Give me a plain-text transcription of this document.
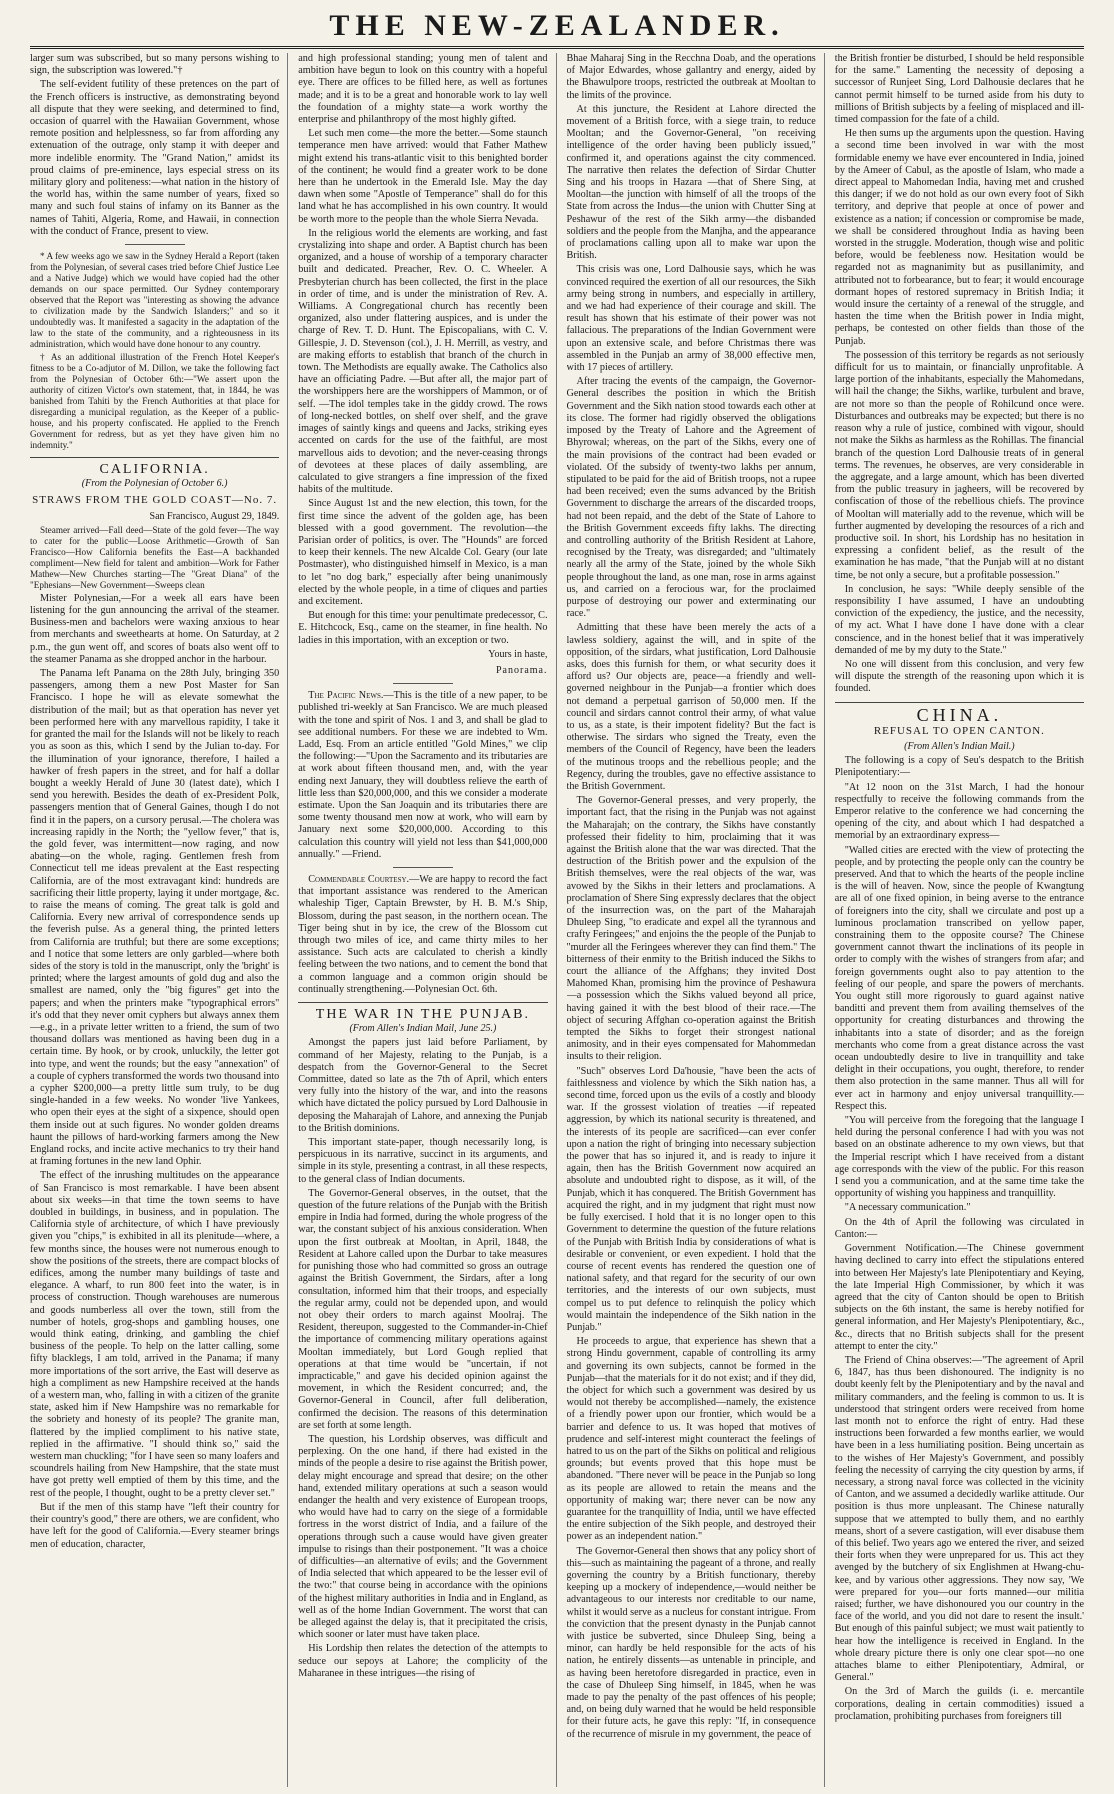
THE NEW-ZEALANDER.

larger sum was subscribed, but so many persons wishing to sign, the subscription was lowered."†

The self-evident futility of these pretences on the part of the French officers is instructive, as demonstrating beyond all dispute that they were seeking, and determined to find, occasion of quarrel with the Hawaiian Government, whose remote position and helplessness, so far from affording any extenuation of the outrage, only stamp it with deeper and more indelible enormity. The "Grand Nation," amidst its proud claims of pre-eminence, lays especial stress on its military glory and politeness:—what nation in the history of the world has, within the same number of years, fixed so many and such foul stains of infamy on its Banner as the names of Tahiti, Algeria, Rome, and Hawaii, in connection with the conduct of France, present to view.

* A few weeks ago we saw in the Sydney Herald a Report (taken from the Polynesian, of several cases tried before Chief Justice Lee and a Native Judge) which we would have copied had the other demands on our space permitted. Our Sydney contemporary observed that the Report was "interesting as showing the advance to civilization made by the Sandwich Islanders;" and so it undoubtedly was. It manifested a sagacity in the adaptation of the law to the state of the community, and a righteousness in its administration, which would have done honour to any country.

† As an additional illustration of the French Hotel Keeper's fitness to be a Co-adjutor of M. Dillon, we take the following fact from the Polynesian of October 6th:—"We assert upon the authority of citizen Victor's own statement, that, in 1844, he was banished from Tahiti by the French Authorities at that place for disregarding a municipal regulation, as the Keeper of a public-house, and his property confiscated. He applied to the French Government for redress, but as yet they have given him no indemnity."

CALIFORNIA.
(From the Polynesian of October 6.)
STRAWS FROM THE GOLD COAST—No. 7.
San Francisco, August 29, 1849.

Steamer arrived—Fall deed—State of the gold fever—The way to cater for the public—Loose Arithmetic—Growth of San Francisco—How California benefits the East—A backhanded compliment—New field for talent and ambition—Work for Father Mathew—New Churches starting—The "Great Diana" of the "Ephesians—New Government—Sweeps clean

Mister Polynesian,—For a week all ears have been listening for the gun announcing the arrival of the steamer. Business-men and bachelors were waxing anxious to hear from merchants and sweethearts at home. On Saturday, at 2 p.m., the gun went off, and scores of boats also went off to the steamer Panama as she dropped anchor in the harbour.

The Panama left Panama on the 28th July, bringing 350 passengers, among them a new Post Master for San Francisco. I hope he will as elevate somewhat the distribution of the mail; but as that operation has never yet been performed here with any marvellous rapidity, I take it for granted the mail for the Islands will not be likely to reach you as soon as this, which I send by the Julian to-day. For the illumination of your ignorance, therefore, I hailed a hawker of fresh papers in the street, and for half a dollar bought a weekly Herald of June 30 (latest date), which I send you herewith. Besides the death of ex-President Polk, passengers mention that of General Gaines, though I do not find it in the papers, on a cursory perusal.—The cholera was increasing rapidly in the North; the "yellow fever," that is, the gold fever, was intermittent—now raging, and now abating—on the whole, raging. Gentlemen fresh from Connecticut tell me ideas prevalent at the East respecting California, are of the most extravagant kind: hundreds are sacrificing their little property, laying it under mortgage, &c. to raise the means of coming. The great talk is gold and California. Every new arrival of correspondence sends up the feverish pulse. As a general thing, the printed letters from California are truthful; but there are some exceptions; and I notice that some letters are only garbled—where both sides of the story is told in the manuscript, only the 'bright' is printed; where the largest amounts of gold dug and also the smallest are named, only the "big figures" get into the papers; and when the printers make "typographical errors" it's odd that they never omit cyphers but always annex them—e.g., in a private letter written to a friend, the sum of two thousand dollars was mentioned as having been dug in a certain time. By hook, or by crook, unluckily, the letter got into type, and went the rounds; but the easy "annexation" of a couple of cyphers transformed the words two thousand into a cypher $200,000—a pretty little sum truly, to be dug single-handed in a few weeks. No wonder 'live Yankees, who open their eyes at the sight of a sixpence, should open them inside out at such figures. No wonder golden dreams haunt the pillows of hard-working farmers among the New England rocks, and incite active mechanics to try their hand at framing fortunes in the new land Ophir.

The effect of the inrushing multitudes on the appearance of San Francisco is most remarkable. I have been absent about six weeks—in that time the town seems to have doubled in buildings, in business, and in population. The California style of architecture, of which I have previously given you "chips," is exhibited in all its plenitude—where, a few months since, the houses were not numerous enough to show the positions of the streets, there are compact blocks of edifices, among the number many buildings of taste and elegance. A wharf, to run 800 feet into the water, is in process of construction. Though warehouses are numerous and goods numberless all over the town, still from the number of hotels, grog-shops and gambling houses, one would think eating, drinking, and gambling the chief business of the people. To help on the latter calling, some fifty blacklegs, I am told, arrived in the Panama; if many more importations of the sort arrive, the East will deserve as high a compliment as new Hampshire received at the hands of a western man, who, falling in with a citizen of the granite state, asked him if New Hampshire was no remarkable for the sobriety and honesty of its people? The granite man, flattered by the implied compliment to his native state, replied in the affirmative. "I should think so," said the western man chuckling; "for I have seen so many loafers and scoundrels hailing from New Hampshire, that the state must have got pretty well emptied of them by this time, and the rest of the people, I thought, ought to be a pretty clever set."

But if the men of this stamp have "left their country for their country's good," there are others, we are confident, who have left for the good of California.—Every steamer brings men of education, character,

and high professional standing; young men of talent and ambition have begun to look on this country with a hopeful eye. There are offices to be filled here, as well as fortunes made; and it is to be a great and honorable work to lay well the foundation of a mighty state—a work worthy the enterprise and philanthropy of the most highly gifted.

Let such men come—the more the better.—Some staunch temperance men have arrived: would that Father Mathew might extend his trans-atlantic visit to this benighted border of the continent; he would find a greater work to be done here than he undertook in the Emerald Isle. May the day dawn when some "Apostle of Temperance" shall do for this land what he has accomplished in his own country. It would be worth more to the people than the whole Sierra Nevada.

In the religious world the elements are working, and fast crystalizing into shape and order. A Baptist church has been organized, and a house of worship of a temporary character built and dedicated. Preacher, Rev. O. C. Wheeler. A Presbyterian church has been collected, the first in the place in order of time, and is under the ministration of Rev. A. Williams. A Congregational church has recently been organized, also under flattering auspices, and is under the charge of Rev. T. D. Hunt. The Episcopalians, with C. V. Gillespie, J. D. Stevenson (col.), J. H. Merrill, as vestry, and are making efforts to establish that branch of the church in town. The Methodists are equally awake. The Catholics also have an officiating Padre. —But after all, the major part of the worshippers here are the worshippers of Mammon, or of self. —The idol temples take in the giddy crowd. The rows of long-necked bottles, on shelf over shelf, and the grave images of saintly kings and queens and Jacks, striking eyes accented on cards for the use of the faithful, are most marvellous aids to devotion; and the never-ceasing throngs of devotees at these places of daily assembling, are calculated to give strangers a fine impression of the fixed habits of the multitude.

Since August 1st and the new election, this town, for the first time since the advent of the golden age, has been blessed with a good government. The revolution—the Parisian order of politics, is over. The "Hounds" are forced to keep their kennels. The new Alcalde Col. Geary (our late Postmaster), who distinguished himself in Mexico, is a man to let "no dog bark," especially after being unanimously elected by the whole people, in a time of cliques and parties and excitement.

But enough for this time: your penultimate predecessor, C. E. Hitchcock, Esq., came on the steamer, in fine health. No ladies in this importation, with an exception or two.

Yours in haste,
Panorama.

The Pacific News.—This is the title of a new paper, to be published tri-weekly at San Francisco. We are much pleased with the tone and spirit of Nos. 1 and 3, and shall be glad to see additional numbers. For these we are indebted to Wm. Ladd, Esq. From an article entitled "Gold Mines," we clip the following:—"Upon the Sacramento and its tributaries are at work about fifteen thousand men, and, with the year ending next January, they will doubtless relieve the earth of little less than $20,000,000, and this we consider a moderate estimate. Upon the San Joaquin and its tributaries there are some twenty thousand men now at work, who will earn by January next some $20,000,000. According to this calculation this country will yield not less than $41,000,000 annually." —Friend.

Commendable Courtesy.—We are happy to record the fact that important assistance was rendered to the American whaleship Tiger, Captain Brewster, by H. B. M.'s Ship, Blossom, during the past season, in the northern ocean. The Tiger being shut in by ice, the crew of the Blossom cut through two miles of ice, and came thirty miles to her assistance. Such acts are calculated to cherish a kindly feeling between the two nations, and to cement the bond that a common language and a common origin should be continually strengthening.—Polynesian Oct. 6th.

THE WAR IN THE PUNJAB.
(From Allen's Indian Mail, June 25.)

Amongst the papers just laid before Parliament, by command of her Majesty, relating to the Punjab, is a despatch from the Governor-General to the Secret Committee, dated so late as the 7th of April, which enters very fully into the history of the war, and into the reasons which have dictated the policy pursued by Lord Dalhousie in deposing the Maharajah of Lahore, and annexing the Punjab to the British dominions.

This important state-paper, though necessarily long, is perspicuous in its narrative, succinct in its arguments, and simple in its style, presenting a contrast, in all these respects, to the general class of Indian documents.

The Governor-General observes, in the outset, that the question of the future relations of the Punjab with the British empire in India had formed, during the whole progress of the war, the constant subject of his anxious consideration. When upon the first outbreak at Mooltan, in April, 1848, the Resident at Lahore called upon the Durbar to take measures for punishing those who had committed so gross an outrage against the British Government, the Sirdars, after a long consultation, informed him that their troops, and especially the regular army, could not be depended upon, and would not obey their orders to march against Moolraj. The Resident, thereupon, suggested to the Commander-in-Chief the importance of commencing military operations against Mooltan immediately, but Lord Gough replied that operations at that time would be "uncertain, if not impracticable," and gave his decided opinion against the movement, in which the Resident concurred; and, the Governor-General in Council, after full deliberation, confirmed the decision. The reasons of this determination are set forth at some length.

The question, his Lordship observes, was difficult and perplexing. On the one hand, if there had existed in the minds of the people a desire to rise against the British power, delay might encourage and spread that desire; on the other hand, extended military operations at such a season would endanger the health and very existence of European troops, who would have had to carry on the siege of a formidable fortress in the worst district of India, and a failure of the operations through such a cause would have given greater impulse to risings than their postponement. "It was a choice of difficulties—an alternative of evils; and the Government of India selected that which appeared to be the lesser evil of the two:" that course being in accordance with the opinions of the highest military authorities in India and in England, as well as of the home Indian Government. The worst that can be alleged against the delay is, that it precipitated the crisis, which sooner or later must have taken place.

His Lordship then relates the detection of the attempts to seduce our sepoys at Lahore; the complicity of the Maharanee in these intrigues—the rising of

Bhae Maharaj Sing in the Recchna Doab, and the operations of Major Edwardes, whose gallantry and energy, aided by the Bhawulpore troops, restricted the outbreak at Mooltan to the limits of the province.

At this juncture, the Resident at Lahore directed the movement of a British force, with a siege train, to reduce Mooltan; and the Governor-General, "on receiving intelligence of the order having been publicly issued," confirmed it, and operations against the city commenced. The narrative then relates the defection of Sirdar Chutter Sing and his troops in Hazara —that of Shere Sing, at Mooltan—the junction with himself of all the troops of the State from across the Indus—the union with Chutter Sing at Peshawur of the rest of the Sikh army—the disbanded soldiers and the people from the Manjha, and the appearance of proclamations calling upon all to make war upon the British.

This crisis was one, Lord Dalhousie says, which he was convinced required the exertion of all our resources, the Sikh army being strong in numbers, and especially in artillery, and we had had experience of their courage and skill. The result has shown that his estimate of their power was not fallacious. The preparations of the Indian Government were upon an extensive scale, and before Christmas there was assembled in the Punjab an army of 38,000 effective men, with 17 pieces of artillery.

After tracing the events of the campaign, the Governor-General describes the position in which the British Government and the Sikh nation stood towards each other at its close. The former had rigidly observed the obligations imposed by the Treaty of Lahore and the Agreement of Bhyrowal; whereas, on the part of the Sikhs, every one of the main provisions of the contract had been evaded or violated. Of the subsidy of twenty-two lakhs per annum, stipulated to be paid for the aid of British troops, not a rupee had been received; even the sums advanced by the British Government to discharge the arrears of the discarded troops, had not been repaid, and the debt of the State of Lahore to the British Government exceeds fifty lakhs. The directing and controlling authority of the British Resident at Lahore, recognised by the Treaty, was disregarded; and "ultimately nearly all the army of the State, joined by the whole Sikh people throughout the land, as one man, rose in arms against us, and carried on a ferocious war, for the proclaimed purpose of destroying our power and exterminating our race."

Admitting that these have been merely the acts of a lawless soldiery, against the will, and in spite of the opposition, of the sirdars, what justification, Lord Dalhousie asks, does this furnish for them, or what security does it afford us? Our objects are, peace—a friendly and well-governed neighbour in the Punjab—a frontier which does not demand a perpetual garrison of 50,000 men. If the council and sirdars cannot control their army, of what value to us, as a state, is their impotent fidelity? But the fact is otherwise. The sirdars who signed the Treaty, even the members of the Council of Regency, have been the leaders of the mutinous troops and the rebellious people; and the Regency, during the troubles, gave no effective assistance to the British Government.

The Governor-General presses, and very properly, the important fact, that the rising in the Punjab was not against the Maharajah; on the contrary, the Sikhs have constantly professed their fidelity to him, proclaiming that it was against the British alone that the war was directed. That the destruction of the British power and the expulsion of the British themselves, were the real objects of the war, was avowed by the Sikhs in their letters and proclamations. A proclamation of Shere Sing expressly declares that the object of the insurrection was, on the part of the Maharajah Dhuleep Sing, "to eradicate and expel all the tyrannous and crafty Feringees;" and enjoins the the people of the Punjab to "murder all the Feringees wherever they can find them." The bitterness of their enmity to the British induced the Sikhs to court the alliance of the Affghans; they invited Dost Mahomed Khan, promising him the province of Peshawura—a possession which the Sikhs valued beyond all price, having gained it with the best blood of their race.—The object of securing Affghan co-operation against the British tempted the Sikhs to forget their strongest national animosity, and in their eyes compensated for Mahommedan insults to their religion.

"Such" observes Lord Da'housie, "have been the acts of faithlessness and violence by which the Sikh nation has, a second time, forced upon us the evils of a costly and bloody war. If the grossest violation of treaties —if repeated aggression, by which its national security is threatened, and the interests of its people are sacrificed—can ever confer upon a nation the right of bringing into necessary subjection the power that has so injured it, and is ready to injure it again, then has the British Government now acquired an absolute and undoubted right to dispose, as it will, of the Punjab, which it has conquered. The British Government has acquired the right, and in my judgment that right must now be fully exercised. I hold that it is no longer open to this Government to determine the question of the future relations of the Punjab with British India by considerations of what is desirable or convenient, or even expedient. I hold that the course of recent events has rendered the question one of national safety, and that regard for the security of our own territories, and the interests of our own subjects, must compel us to put defence to relinquish the policy which would maintain the independence of the Sikh nation in the Punjab."

He proceeds to argue, that experience has shewn that a strong Hindu government, capable of controlling its army and governing its own subjects, cannot be formed in the Punjab—that the materials for it do not exist; and if they did, the object for which such a government was desired by us would not thereby be accomplished—namely, the existence of a friendly power upon our frontier, which would be a barrier and defence to us. It was hoped that motives of prudence and self-interest might counteract the feelings of hatred to us on the part of the Sikhs on political and religious grounds; but events proved that this hope must be abandoned. "There never will be peace in the Punjab so long as its people are allowed to retain the means and the opportunity of making war; there never can be now any guarantee for the tranquillity of India, until we have effected the entire subjection of the Sikh people, and destroyed their power as an independent nation."

The Governor-General then shows that any policy short of this—such as maintaining the pageant of a throne, and really governing the country by a British functionary, thereby keeping up a mockery of independence,—would neither be advantageous to our interests nor creditable to our name, whilst it would serve as a nucleus for constant intrigue. From the conviction that the present dynasty in the Punjab cannot with justice be subverted, since Dhuleep Sing, being a minor, can hardly be held responsible for the acts of his nation, he entirely dissents—as untenable in principle, and as having been heretofore disregarded in practice, even in the case of Dhuleep Sing himself, in 1845, when he was made to pay the penalty of the past offences of his people; and, on being duly warned that he would be held responsible for their future acts, he gave this reply: "If, in consequence of the recurrence of misrule in my government, the peace of

the British frontier be disturbed, I should be held responsible for the same." Lamenting the necessity of deposing a successor of Runjeet Sing, Lord Dalhousie declares that he cannot permit himself to be turned aside from his duty to millions of British subjects by a feeling of misplaced and ill-timed compassion for the fate of a child.

He then sums up the arguments upon the question. Having a second time been involved in war with the most formidable enemy we have ever encountered in India, joined by the Ameer of Cabul, as the apostle of Islam, who made a direct appeal to Mahomedan India, having met and crushed this danger; if we do not hold as our own every foot of Sikh territory, and deprive that people at once of power and existence as a nation; if concession or compromise be made, we shall be considered throughout India as having been worsted in the struggle. Moderation, though wise and politic before, would be feebleness now. Hesitation would be regarded not as magnanimity but as pusillanimity, and attributed not to forbearance, but to fear; it would encourage dormant hopes of restored supremacy in British India; it would insure the certainty of a renewal of the struggle, and hasten the time when the British power in India might, perhaps, be contested on other fields than those of the Punjab.

The possession of this territory be regards as not seriously difficult for us to maintain, or financially unprofitable. A large portion of the inhabitants, especially the Mahomedans, will hail the change; the Sikhs, warlike, turbulent and brave, are not more so than the people of Rohilcund once were. Disturbances and outbreaks may be expected; but there is no reason why a rule of justice, combined with vigour, should not make the Sikhs as harmless as the Rohillas. The financial branch of the question Lord Dalhousie treats of in general terms. The revenues, he observes, are very considerable in the aggregate, and a large amount, which has been diverted from the public treasury in jagheers, will be recovered by confiscation of those of the rebellious chiefs. The province of Mooltan will materially add to the revenue, which will be further augmented by developing the resources of a rich and productive soil. In short, his Lordship has no hesitation in expressing a confident belief, as the result of the examination he has made, "that the Punjab will at no distant time, be not only a secure, but a profitable possession."

In conclusion, he says: "While deeply sensible of the responsibility I have assumed, I have an undoubting conviction of the expediency, the justice, and the necessity, of my act. What I have done I have done with a clear conscience, and in the honest belief that it was imperatively demanded of me by my duty to the State."

No one will dissent from this conclusion, and very few will dispute the strength of the reasoning upon which it is founded.

CHINA.
REFUSAL TO OPEN CANTON.
(From Allen's Indian Mail.)

The following is a copy of Seu's despatch to the British Plenipotentiary:—

"At 12 noon on the 31st March, I had the honour respectfully to receive the following commands from the Emperor relative to the conference we had concerning the opening of the city, and about which I had despatched a memorial by an extraordinary express—

"Walled cities are erected with the view of protecting the people, and by protecting the people only can the country be preserved. And that to which the hearts of the people incline is the will of heaven. Now, since the people of Kwangtung are all of one fixed opinion, in being averse to the entrance of foreigners into the city, shall we circulate and post up a luminous proclamation transcribed on yellow paper, constraining them to the opposite course? The Chinese government cannot thwart the inclinations of its people in order to comply with the wishes of strangers from afar; and foreign governments ought also to pay attention to the feeling of our people, and spare the powers of merchants. You ought still more rigorously to guard against native banditti and prevent them from availing themselves of the opportunity for creating disturbances and throwing the inhabitants into a state of disorder; and as the foreign merchants who come from a great distance across the vast ocean undoubtedly desire to live in tranquillity and take delight in their occupations, you ought, therefore, to render them also protection in the same manner. Thus all will for ever act in harmony and enjoy universal tranquillity.—Respect this.

"You will perceive from the foregoing that the language I held during the personal conference I had with you was not based on an obstinate adherence to my own views, but that the Imperial rescript which I have received from a distant age corresponds with the view of the public. For this reason I send you a communication, and at the same time take the opportunity of wishing you happiness and tranquillity.

"A necessary communication."

On the 4th of April the following was circulated in Canton:—

Government Notification.—The Chinese government having declined to carry into effect the stipulations entered into between Her Majesty's late Plenipotentiary and Keying, the late Imperial High Commissioner, by which it was agreed that the city of Canton should be open to British subjects on the 6th instant, the same is hereby notified for general information, and Her Majesty's Plenipotentiary, &c., &c., directs that no British subjects shall for the present attempt to enter the city."

The Friend of China observes:—"The agreement of April 6, 1847, has thus been dishonoured. The indignity is no doubt keenly felt by the Plenipotentiary and by the naval and military commanders, and the feeling is common to us. It is understood that stringent orders were received from home last month not to enforce the right of entry. Had these instructions been forwarded a few months earlier, we would have been in a less humiliating position. Being uncertain as to the wishes of Her Majesty's Government, and possibly feeling the necessity of carrying the city question by arms, if necessary, a strong naval force was collected in the vicinity of Canton, and we assumed a decidedly warlike attitude. Our position is thus more unpleasant. The Chinese naturally suppose that we attempted to bully them, and no earthly means, short of a severe castigation, will ever disabuse them of this belief. Two years ago we entered the river, and seized their forts when they were unprepared for us. This act they avenged by the butchery of six Englishmen at Hwang-chu-kee, and by various other aggressions. They now say, 'We were prepared for you—our forts manned—our militia raised; further, we have dishonoured you our country in the face of the world, and you did not dare to resent the insult.' But enough of this painful subject; we must wait patiently to hear how the intelligence is received in England. In the whole dreary picture there is only one clear spot—no one attaches blame to either Plenipotentiary, Admiral, or General."

On the 3rd of March the guilds (i. e. mercantile corporations, dealing in certain commodities) issued a proclamation, prohibiting purchases from foreigners till
